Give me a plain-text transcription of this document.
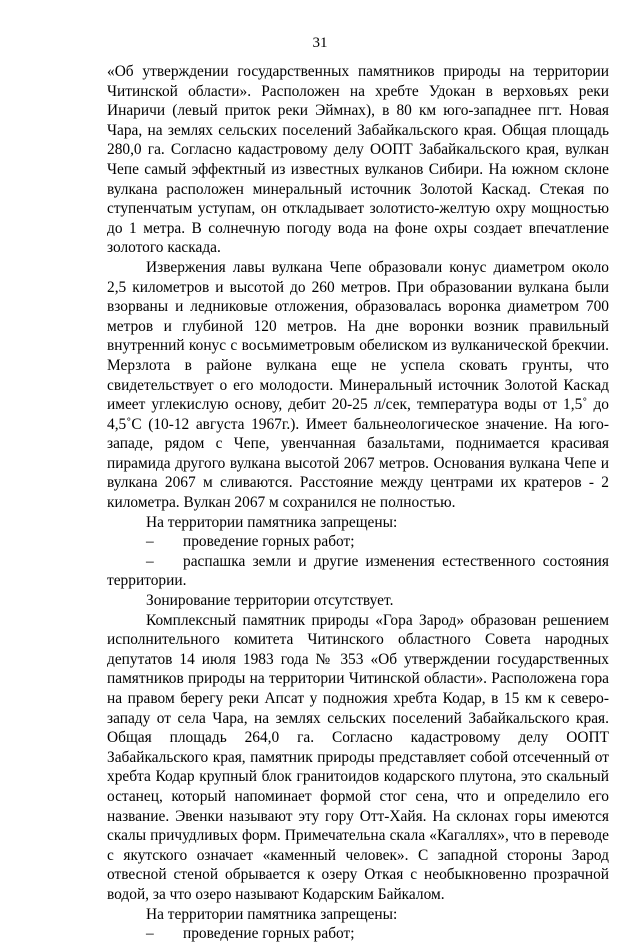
31

«Об утверждении государственных памятников природы на территории Читинской области». Расположен на хребте Удокан в верховьях реки Инаричи (левый приток реки Эймнах), в 80 км юго-западнее пгт. Новая Чара, на землях сельских поселений Забайкальского края. Общая площадь 280,0 га. Согласно кадастровому делу ООПТ Забайкальского края, вулкан Чепе самый эффектный из известных вулканов Сибири. На южном склоне вулкана расположен минеральный источник Золотой Каскад. Стекая по ступенчатым уступам, он откладывает золотисто-желтую охру мощностью до 1 метра. В солнечную погоду вода на фоне охры создает впечатление золотого каскада.

Извержения лавы вулкана Чепе образовали конус диаметром около 2,5 километров и высотой до 260 метров. При образовании вулкана были взорваны и ледниковые отложения, образовалась воронка диаметром 700 метров и глубиной 120 метров. На дне воронки возник правильный внутренний конус с восьмиметровым обелиском из вулканической брекчии. Мерзлота в районе вулкана еще не успела сковать грунты, что свидетельствует о его молодости. Минеральный источник Золотой Каскад имеет углекислую основу, дебит 20-25 л/сек, температура воды от 1,5˚ до 4,5˚С (10-12 августа 1967г.). Имеет бальнеологическое значение. На юго-западе, рядом с Чепе, увенчанная базальтами, поднимается красивая пирамида другого вулкана высотой 2067 метров. Основания вулкана Чепе и вулкана 2067 м сливаются. Расстояние между центрами их кратеров - 2 километра. Вулкан 2067 м сохранился не полностью.

На территории памятника запрещены:

–	проведение горных работ;

– распашка земли и другие изменения естественного состояния территории.

Зонирование территории отсутствует.

Комплексный памятник природы «Гора Зарод» образован решением исполнительного комитета Читинского областного Совета народных депутатов 14 июля 1983 года № 353 «Об утверждении государственных памятников природы на территории Читинской области». Расположена гора на правом берегу реки Апсат у подножия хребта Кодар, в 15 км к северо-западу от села Чара, на землях сельских поселений Забайкальского края. Общая площадь 264,0 га. Согласно кадастровому делу ООПТ Забайкальского края, памятник природы представляет собой отсеченный от хребта Кодар крупный блок гранитоидов кодарского плутона, это скальный останец, который напоминает формой стог сена, что и определило его название. Эвенки называют эту гору Отт-Хайя. На склонах горы имеются скалы причудливых форм. Примечательна скала «Кагаллях», что в переводе с якутского означает «каменный человек». С западной стороны Зарод отвесной стеной обрывается к озеру Откая с необыкновенно прозрачной водой, за что озеро называют Кодарским Байкалом.

На территории памятника запрещены:

–	проведение горных работ;
